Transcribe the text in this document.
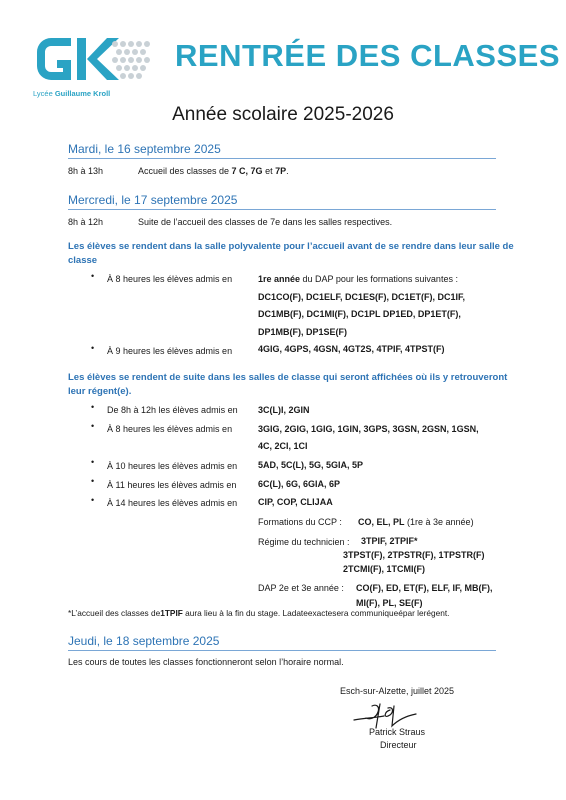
Lycée Guillaume Kroll
RENTRÉE DES CLASSES
Année scolaire 2025-2026
Mardi, le 16 septembre 2025
8h à 13h	Accueil des classes de 7 C, 7G et 7P.
Mercredi, le 17 septembre 2025
8h à 12h	Suite de l’accueil des classes de 7e dans les salles respectives.
Les élèves se rendent dans la salle polyvalente pour l’accueil avant de se rendre dans leur salle de
classe
• À 8 heures les élèves admis en	1re année du DAP pour les formations suivantes :
DC1CO(F), DC1ELF, DC1ES(F), DC1ET(F), DC1IF,
DC1MB(F), DC1MI(F), DC1PL DP1ED, DP1ET(F),
DP1MB(F), DP1SE(F)
• À 9 heures les élèves admis en	4GIG, 4GPS, 4GSN, 4GT2S, 4TPIF, 4TPST(F)
Les élèves se rendent de suite dans les salles de classe qui seront affichées où ils y retrouveront
leur régent(e).
• De 8h à 12h les élèves admis en 3C(L)I, 2GIN
• À 8 heures les élèves admis en	3GIG, 2GIG, 1GIG, 1GIN, 3GPS, 3GSN, 2GSN, 1GSN,
4C, 2CI, 1CI
• À 10 heures les élèves admis en 5AD, 5C(L), 5G, 5GIA, 5P
• À 11 heures les élèves admis en 6C(L), 6G, 6GIA, 6P
• À 14 heures les élèves admis en CIP, COP, CLIJAA
Formations du CCP : CO, EL, PL (1re à 3e année)
Régime du technicien : 3TPIF, 2TPIF*
3TPST(F), 2TPSTR(F), 1TPSTR(F)
2TCMI(F), 1TCMI(F)
DAP 2e et 3e année : CO(F), ED, ET(F), ELF, IF, MB(F),
MI(F), PL, SE(F)
*L’accueil des classes de1TPIF aura lieu à la fin du stage. Ladateexactesera communiqueépar lerégent.
Jeudi, le 18 septembre 2025
Les cours de toutes les classes fonctionneront selon l’horaire normal.
Esch-sur-Alzette, juillet 2025
Patrick Straus
Directeur
